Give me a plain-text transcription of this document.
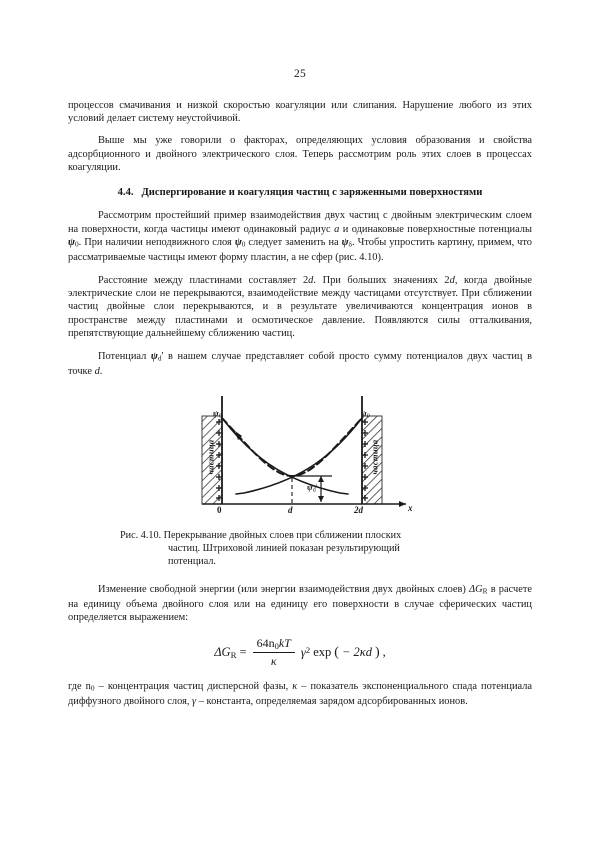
25

процессов смачивания и низкой скоростью коагуляции или слипания. Нарушение любого из этих условий делает систему неустойчивой.

Выше мы уже говорили о факторах, определяющих условия образования и свойства адсорбционного и двойного электрического слоя. Теперь рассмотрим роль этих слоев в процессах коагуляции.

4.4. Диспергирование и коагуляция частиц с заряженными поверхностями

Рассмотрим простейший пример взаимодействия двух частиц с двойным электрическим слоем на поверхности, когда частицы имеют одинаковый радиус a и одинаковые поверхностные потенциалы $\psi_0$. При наличии неподвижного слоя $\psi_0$ следует заменить на $\psi_\delta$. Чтобы упростить картину, примем, что рассматриваемые частицы имеют форму пластин, а не сфер (рис. 4.10).

Расстояние между пластинами составляет 2d. При больших значениях 2d, когда двойные электрические слои не перекрываются, взаимодействие между частицами отсутствует. При сближении частиц двойные слои перекрываются, и в результате увеличиваются концентрация ионов в пространстве между пластинами и осмотическое давление. Появляются силы отталкивания, препятствующие дальнейшему сближению частиц.

Потенциал $\psi_d'$ в нашем случае представляет собой просто сумму потенциалов двух частиц в точке d.

частица	частица
$\psi_0$	$\psi_0$
$\psi_d'$
0	d	2d	x
Рис. 4.10. Перекрывание двойных слоев при сближении плоских
частиц. Штриховой линией показан результирующий
потенциал.

Изменение свободной энергии (или энергии взаимодействия двух двойных слоев) $\Delta G_R$ в расчете на единицу объема двойного слоя или на единицу его поверхности в случае сферических частиц определяется выражением:

$\Delta G_R = \frac{64n_0kT}{\kappa} \gamma^2$ exp ( − 2κd ) ,

где $n_0$ – концентрация частиц дисперсной фазы, κ – показатель экспоненциального спада потенциала диффузного двойного слоя, γ – константа, определяемая зарядом адсорбированных ионов.
